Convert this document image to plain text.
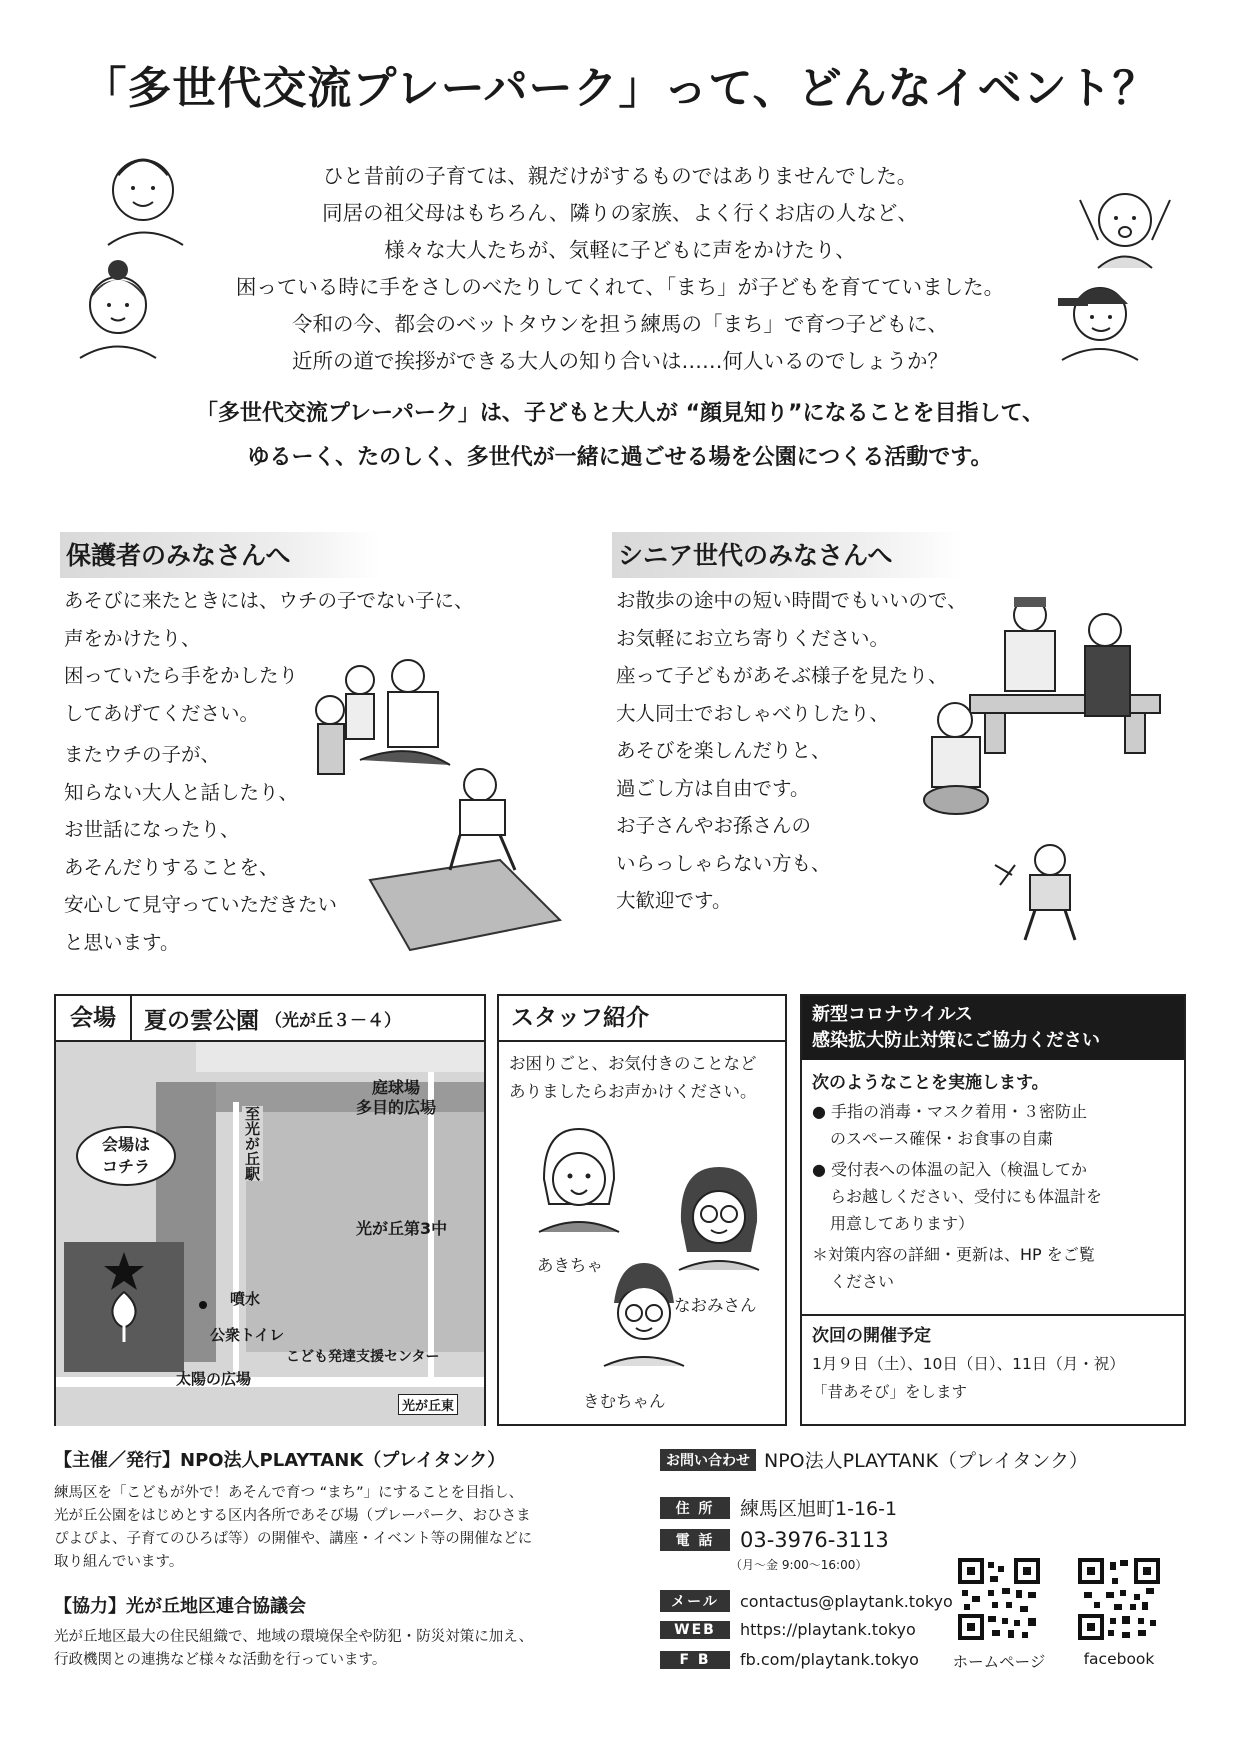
「多世代交流プレーパーク」って、どんなイベント？

ひと昔前の子育ては、親だけがするものではありませんでした。

同居の祖父母はもちろん、隣りの家族、よく行くお店の人など、

様々な大人たちが、気軽に子どもに声をかけたり、

困っている時に手をさしのべたりしてくれて、「まち」が子どもを育てていました。

令和の今、都会のベットタウンを担う練馬の「まち」で育つ子どもに、

近所の道で挨拶ができる大人の知り合いは……何人いるのでしょうか？

「多世代交流プレーパーク」は、子どもと大人が “顔見知り”になることを目指して、

ゆるーく、たのしく、多世代が一緒に過ごせる場を公園につくる活動です。

保護者のみなさんへ

あそびに来たときには、ウチの子でない子に、

声をかけたり、

困っていたら手をかしたり

してあげてください。

またウチの子が、

知らない大人と話したり、

お世話になったり、

あそんだりすることを、

安心して見守っていただきたい

と思います。

シニア世代のみなさんへ

お散歩の途中の短い時間でもいいので、

お気軽にお立ち寄りください。

座って子どもがあそぶ様子を見たり、

大人同士でおしゃべりしたり、

あそびを楽しんだりと、

過ごし方は自由です。

お子さんやお孫さんの

いらっしゃらない方も、

大歓迎です。

会場	夏の雲公園 （光が丘３－４）
庭球場
多目的広場
至光が丘駅
光が丘第3中
会場は
コチラ
噴水
公衆トイレ
こども発達支援センター
太陽の広場
光が丘東
スタッフ紹介
お困りごと、お気付きのことなど
ありましたらお声かけください。
あきちゃ
なおみさん
きむちゃん
新型コロナウイルス
感染拡大防止対策にご協力ください
次のようなことを実施します。
● 手指の消毒・マスク着用・３密防止
のスペース確保・お食事の自粛
● 受付表への体温の記入（検温してか
らお越しください、受付にも体温計を
用意してあります）
＊対策内容の詳細・更新は、HP をご覧
ください
次回の開催予定
1月９日（土）、10日（日）、11日（月・祝）
「昔あそび」をします
【主催／発行】NPO法人PLAYTANK（プレイタンク）
練馬区を「こどもが外で！あそんで育つ “まち”」にすることを目指し、
光が丘公園をはじめとする区内各所であそび場（プレーパーク、おひさま
ぴよぴよ、子育てのひろば等）の開催や、講座・イベント等の開催などに
取り組んでいます。
【協力】光が丘地区連合協議会
光が丘地区最大の住民組織で、地域の環境保全や防犯・防災対策に加え、
行政機関との連携など様々な活動を行っています。
お問い合わせ NPO法人PLAYTANK（プレイタンク）
住 所	練馬区旭町1-16-1
電 話	03-3976-3113
（月～金 9:00～16:00）
メール	contactus@playtank.tokyo
WEB	https://playtank.tokyo
F B	fb.com/playtank.tokyo	ホームページ	facebook
